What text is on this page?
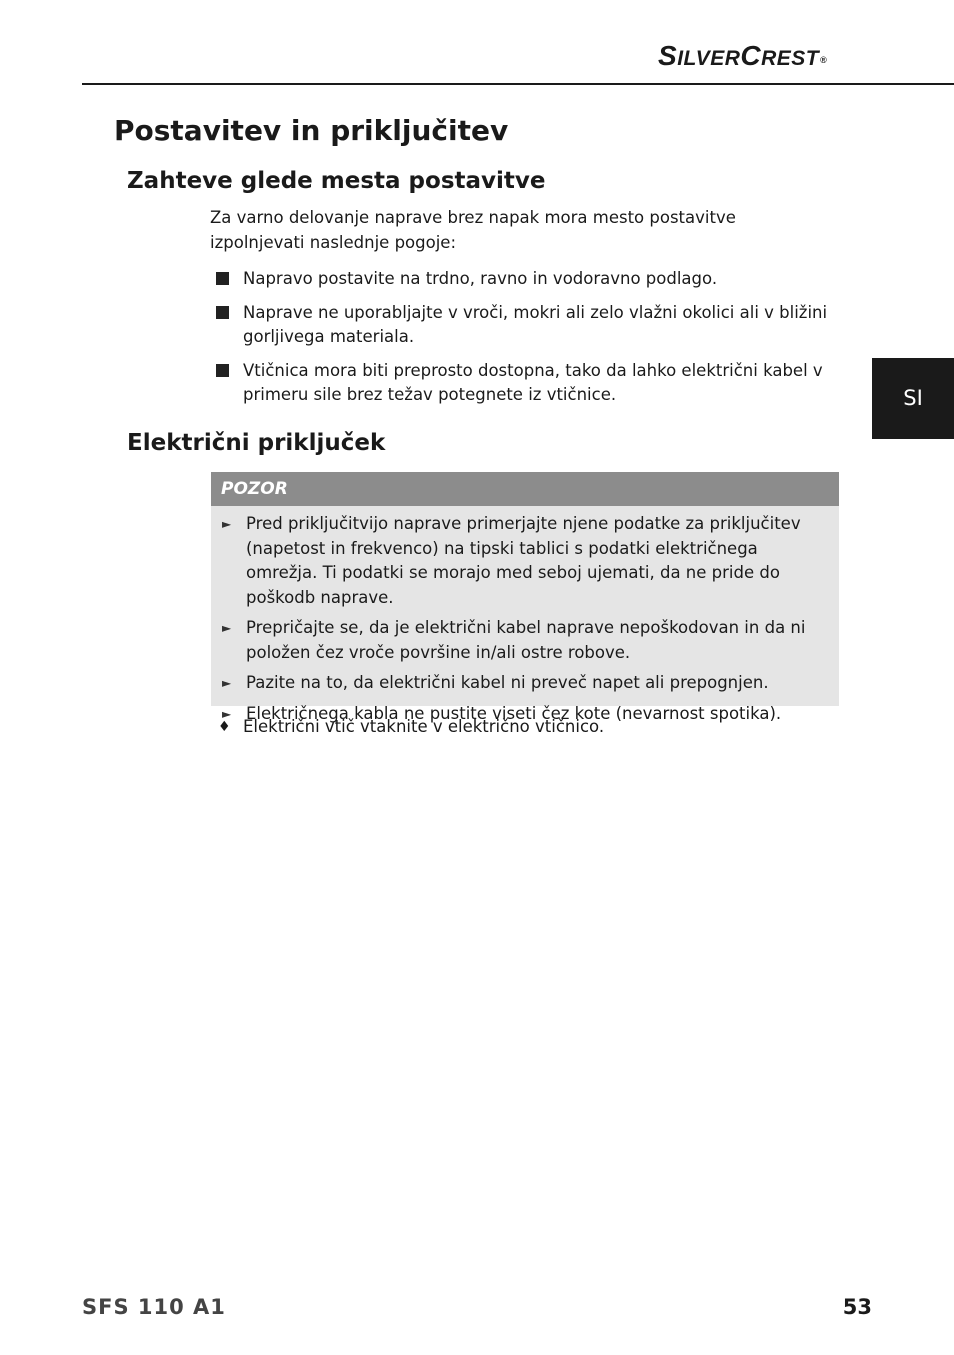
SILVERCREST®
Postavitev in priključitev
Zahteve glede mesta postavitve

Za varno delovanje naprave brez napak mora mesto postavitve izpolnjevati naslednje pogoje:

Napravo postavite na trdno, ravno in vodoravno podlago.
Naprave ne uporabljajte v vroči, mokri ali zelo vlažni okolici ali v bližini gorljivega materiala.
Vtičnica mora biti preprosto dostopna, tako da lahko električni kabel v primeru sile brez težav potegnete iz vtičnice.	SI
Električni priključek
POZOR
► Pred priključitvijo naprave primerjajte njene podatke za priključitev (napetost in frekvenco) na tipski tablici s podatki električnega omrežja. Ti podatki se morajo med seboj ujemati, da ne pride do poškodb naprave.
► Prepričajte se, da je električni kabel naprave nepoškodovan in da ni položen čez vroče površine in/ali ostre robove.
► Pazite na to, da električni kabel ni preveč napet ali prepognjen.
► Električnega kabla ne pustite viseti čez kote (nevarnost spotika).
♦ Električni vtič vtaknite v električno vtičnico.
SFS 110 A1	53
